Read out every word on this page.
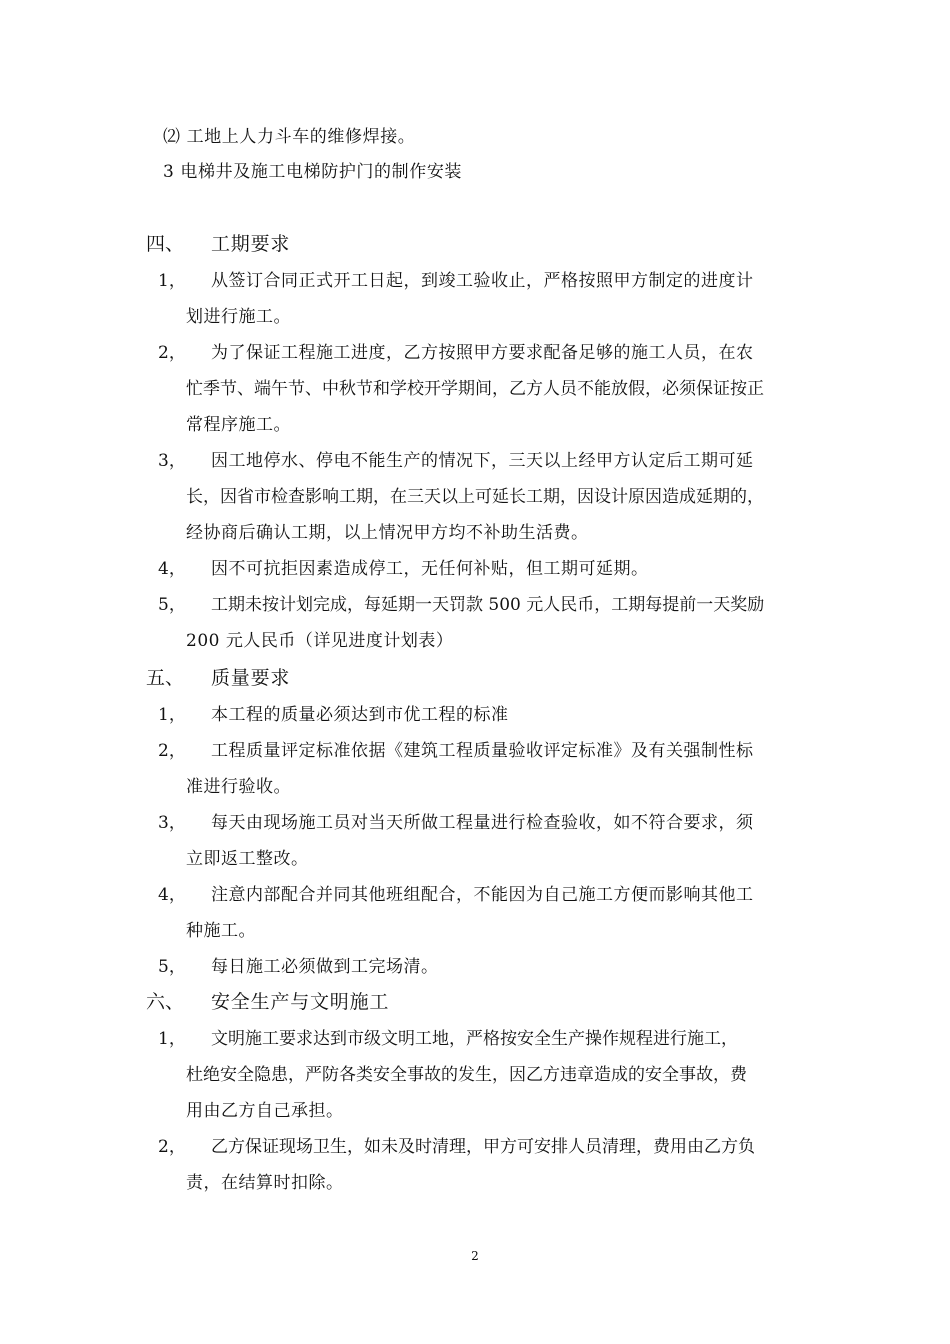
⑵ 工地上人力斗车的维修焊接。
3 电梯井及施工电梯防护门的制作安装
四、 工期要求
1， 从签订合同正式开工日起，到竣工验收止，严格按照甲方制定的进度计
划进行施工。
2， 为了保证工程施工进度，乙方按照甲方要求配备足够的施工人员，在农
忙季节、端午节、中秋节和学校开学期间，乙方人员不能放假，必须保证按正
常程序施工。
3， 因工地停水、停电不能生产的情况下，三天以上经甲方认定后工期可延
长，因省市检查影响工期，在三天以上可延长工期，因设计原因造成延期的，
经协商后确认工期，以上情况甲方均不补助生活费。
4， 因不可抗拒因素造成停工，无任何补贴，但工期可延期。
5， 工期未按计划完成，每延期一天罚款 500 元人民币，工期每提前一天奖励
200 元人民币（详见进度计划表）
五、 质量要求
1， 本工程的质量必须达到市优工程的标准
2， 工程质量评定标准依据《建筑工程质量验收评定标准》及有关强制性标
准进行验收。
3， 每天由现场施工员对当天所做工程量进行检查验收，如不符合要求，须
立即返工整改。
4， 注意内部配合并同其他班组配合，不能因为自己施工方便而影响其他工
种施工。
5， 每日施工必须做到工完场清。
六、 安全生产与文明施工
1， 文明施工要求达到市级文明工地，严格按安全生产操作规程进行施工，
杜绝安全隐患，严防各类安全事故的发生，因乙方违章造成的安全事故，费
用由乙方自己承担。
2， 乙方保证现场卫生，如未及时清理，甲方可安排人员清理，费用由乙方负
责，在结算时扣除。
2
